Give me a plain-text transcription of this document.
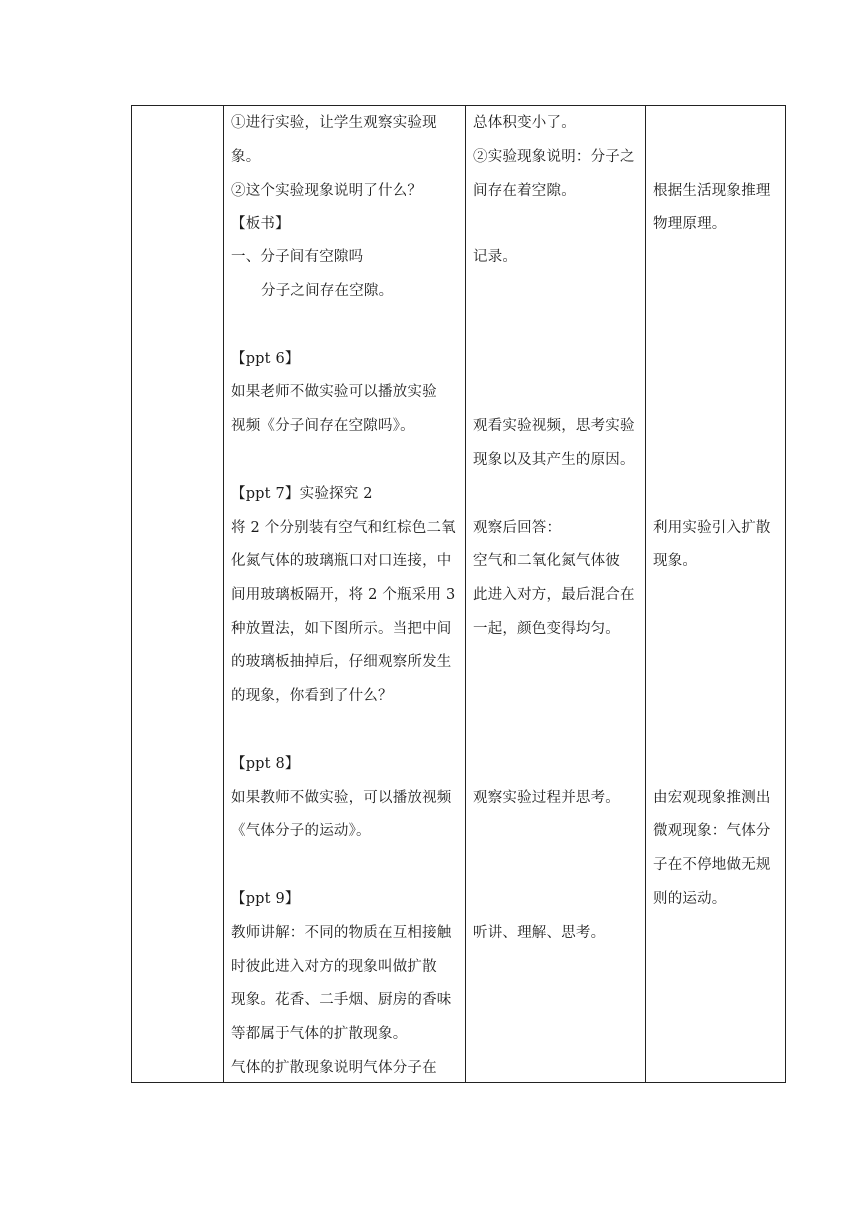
①进行实验，让学生观察实验现
象。
②这个实验现象说明了什么？
【板书】
一、分子间有空隙吗
分子之间存在空隙。
【ppt 6】
如果老师不做实验可以播放实验
视频《分子间存在空隙吗》。
【ppt 7】实验探究 2
将 2 个分别装有空气和红棕色二氧
化氮气体的玻璃瓶口对口连接，中
间用玻璃板隔开，将 2 个瓶采用 3
种放置法，如下图所示。当把中间
的玻璃板抽掉后，仔细观察所发生
的现象，你看到了什么？
【ppt 8】
如果教师不做实验，可以播放视频
《气体分子的运动》。
【ppt 9】
教师讲解：不同的物质在互相接触
时彼此进入对方的现象叫做扩散
现象。花香、二手烟、厨房的香味
等都属于气体的扩散现象。
气体的扩散现象说明气体分子在
总体积变小了。
②实验现象说明：分子之
间存在着空隙。
记录。
观看实验视频，思考实验
现象以及其产生的原因。
观察后回答：
空气和二氧化氮气体彼
此进入对方，最后混合在
一起，颜色变得均匀。
观察实验过程并思考。
听讲、理解、思考。
根据生活现象推理
物理原理。
利用实验引入扩散
现象。
由宏观现象推测出
微观现象：气体分
子在不停地做无规
则的运动。
